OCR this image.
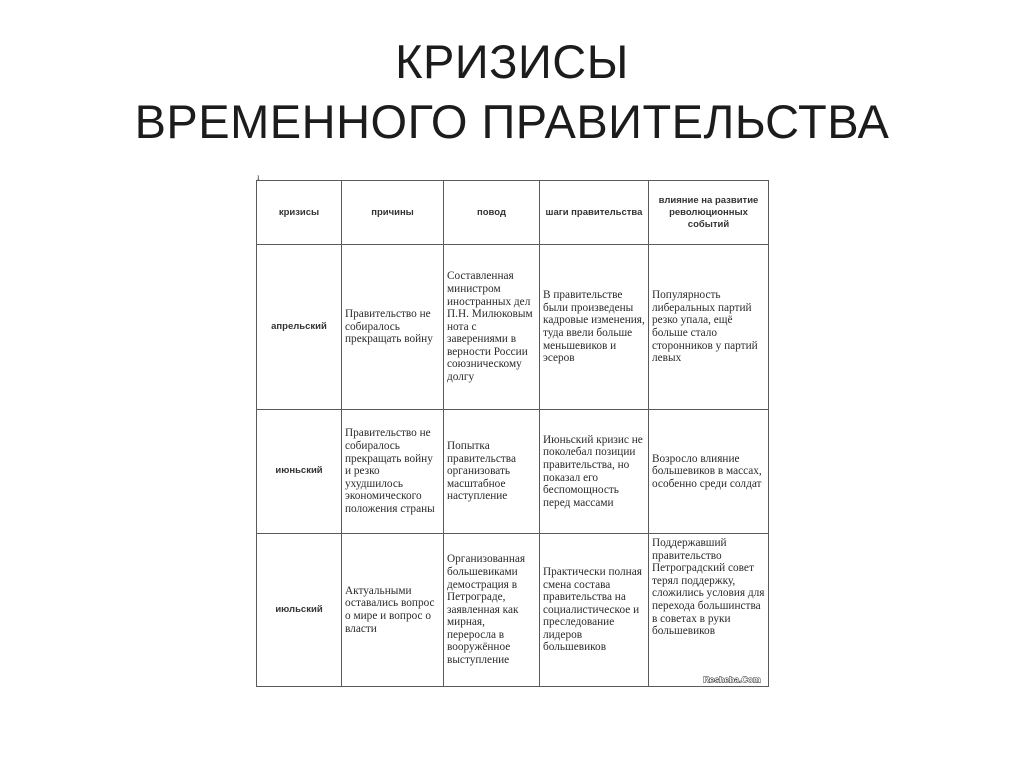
КРИЗИСЫ
ВРЕМЕННОГО ПРАВИТЕЛЬСТВА
ı
кризисы	причины	повод	шаги правительства	влияние на развитие революционных событий
апрельский	Правительство не собиралось прекращать войну	Составленная министром иностранных дел П.Н. Милюковым нота с заверениями в верности России союзническому долгу	В правительстве были произведены кадровые изменения, туда ввели больше меньшевиков и эсеров	Популярность либеральных партий резко упала, ещё больше стало сторонников у партий левых
июньский	Правительство не собиралось прекращать войну и резко ухудшилось экономического положения страны	Попытка правительства организовать масштабное наступление	Июньский кризис не поколебал позиции правительства, но показал его беспомощность перед массами	Возросло влияние большевиков в массах, особенно среди солдат
июльский	Актуальными оставались вопрос о мире и вопрос о власти	Организованная большевиками демострация в Петрограде, заявленная как мирная, переросла в вооружённое выступление	Практически полная смена состава правительства на социалистическое и преследование лидеров большевиков	Поддержавший правительство Петроградский совет терял поддержку, сложились условия для перехода большинства в советах в руки большевиков
Resheba.Com
